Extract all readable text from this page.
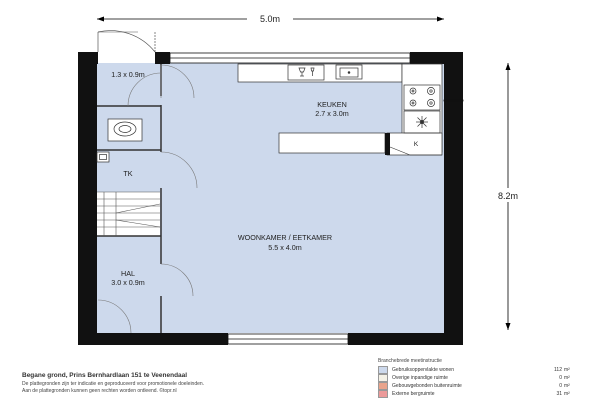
5.0m
8.2m
1.3 x 0.9m
KEUKEN
2.7 x 3.0m
K
TK
WOONKAMER / EETKAMER
5.5 x 4.0m
HAL
3.0 x 0.9m
Begane grond, Prins Bernhardlaan 151 te Veenendaal
De plattegronden zijn ter indicatie en geproduceerd voor promotionele doeleinden.
Aan de plattegronden kunnen geen rechten worden ontleend. ©topr.nl
Branchebrede meetinstructie
Gebruiksoppervlakte wonen	112 m²
Overige inpandige ruimte	0 m²
Gebouwgebonden buitenruimte	0 m²
Externe bergruimte	31 m²
